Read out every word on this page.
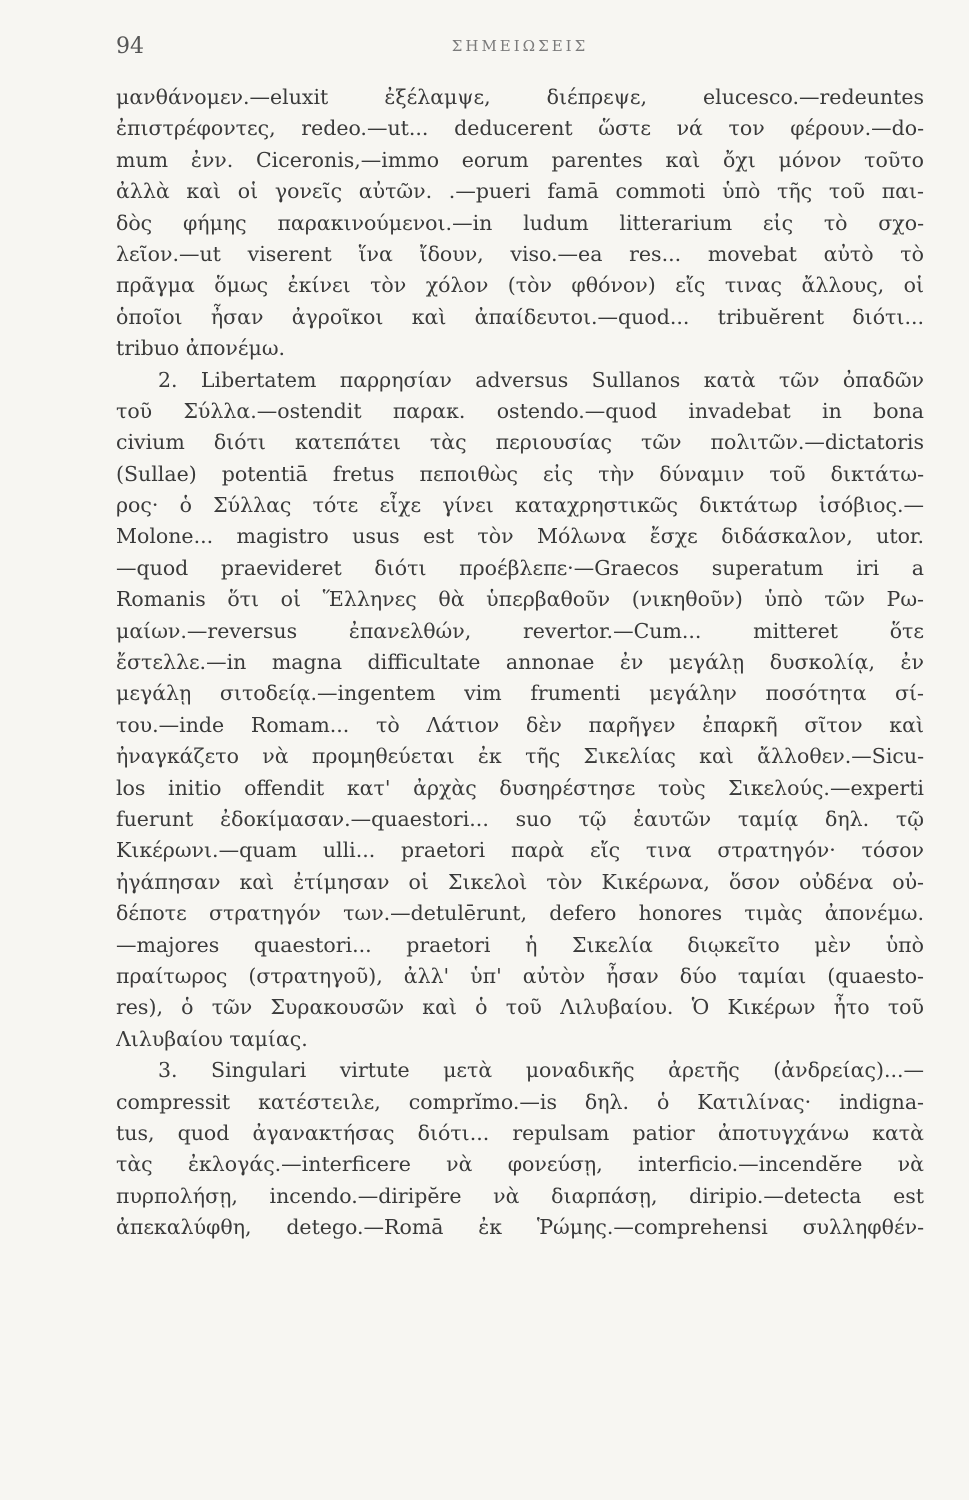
94	ΣΗΜΕΙΩΣΕΙΣ
μανθάνομεν.—eluxit ἐξέλαμψε, διέπρεψε, elucesco.—redeuntes
ἐπιστρέφοντες, redeo.—ut... deducerent ὥστε νά τον φέρουν.—do-
mum ἐνν. Ciceronis,—immo eorum parentes καὶ ὄχι μόνον τοῦτο
ἀλλὰ καὶ οἱ γονεῖς αὐτῶν. .—pueri famā commoti ὑπὸ τῆς τοῦ παι-
δὸς φήμης παρακινούμενοι.—in ludum litterarium εἰς τὸ σχο-
λεῖον.—ut viserent ἵνα ἴδουν, viso.—ea res... movebat αὐτὸ τὸ
πρᾶγμα ὅμως ἐκίνει τὸν χόλον (τὸν φθόνον) εἴς τινας ἄλλους, οἱ
ὁποῖοι ἦσαν ἀγροῖκοι καὶ ἀπαίδευτοι.—quod... tribuĕrent διότι...
tribuo ἀπονέμω.
2. Libertatem παρρησίαν adversus Sullanos κατὰ τῶν ὀπαδῶν
τοῦ Σύλλα.—ostendit παρακ. ostendo.—quod invadebat in bona
civium διότι κατεπάτει τὰς περιουσίας τῶν πολιτῶν.—dictatoris
(Sullae) potentiā fretus πεποιθὼς εἰς τὴν δύναμιν τοῦ δικτάτω-
ρος· ὁ Σύλλας τότε εἶχε γίνει καταχρηστικῶς δικτάτωρ ἰσόβιος.—
Molone... magistro usus est τὸν Μόλωνα ἔσχε διδάσκαλον, utor.
—quod praevideret διότι προέβλεπε·—Graecos superatum iri a
Romanis ὅτι οἱ Ἕλληνες θὰ ὑπερβαθοῦν (νικηθοῦν) ὑπὸ τῶν Ρω-
μαίων.—reversus ἐπανελθών, revertor.—Cum... mitteret ὅτε
ἔστελλε.—in magna difficultate annonae ἐν μεγάλῃ δυσκολίᾳ, ἐν
μεγάλῃ σιτοδείᾳ.—ingentem vim frumenti μεγάλην ποσότητα σί-
του.—inde Romam... τὸ Λάτιον δὲν παρῆγεν ἐπαρκῆ σῖτον καὶ
ἠναγκάζετο νὰ προμηθεύεται ἐκ τῆς Σικελίας καὶ ἄλλοθεν.—Sicu-
los initio offendit κατ' ἀρχὰς δυσηρέστησε τοὺς Σικελούς.—experti
fuerunt ἐδοκίμασαν.—quaestori... suo τῷ ἑαυτῶν ταμίᾳ δηλ. τῷ
Κικέρωνι.—quam ulli... praetori παρὰ εἴς τινα στρατηγόν· τόσον
ἠγάπησαν καὶ ἐτίμησαν οἱ Σικελοὶ τὸν Κικέρωνα, ὅσον οὐδένα οὐ-
δέποτε στρατηγόν των.—detulērunt, defero honores τιμὰς ἀπονέμω.
—majores quaestori... praetori ἡ Σικελία διῳκεῖτο μὲν ὑπὸ
πραίτωρος (στρατηγοῦ), ἀλλ' ὑπ' αὐτὸν ἦσαν δύο ταμίαι (quaesto-
res), ὁ τῶν Συρακουσῶν καὶ ὁ τοῦ Λιλυβαίου. Ὁ Κικέρων ἦτο τοῦ
Λιλυβαίου ταμίας.
3. Singulari virtute μετὰ μοναδικῆς ἀρετῆς (ἀνδρείας)...—
compressit κατέστειλε, comprĭmo.—is δηλ. ὁ Κατιλίνας· indigna-
tus, quod ἀγανακτήσας διότι... repulsam patior ἀποτυγχάνω κατὰ
τὰς ἐκλογάς.—interficere νὰ φονεύσῃ, interficio.—incendĕre νὰ
πυρπολήσῃ, incendo.—diripĕre νὰ διαρπάσῃ, diripio.—detecta est
ἀπεκαλύφθη, detego.—Romā ἐκ Ῥώμης.—comprehensi συλληφθέν-
